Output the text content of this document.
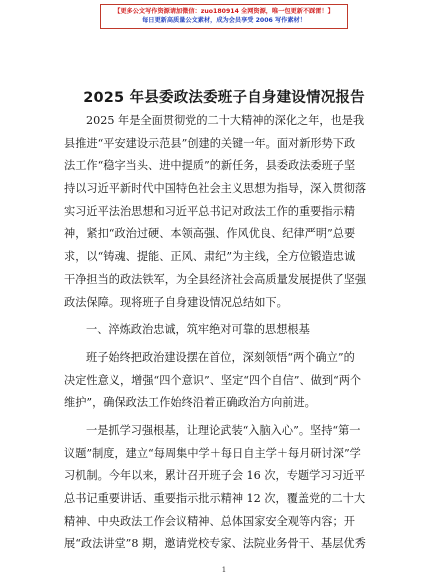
【更多公文写作资源请加微信：zuo180914 全网资源，唯一包更新不踩雷！】
每日更新高质量公文素材，成为会员享受 2006 写作素材！
2025 年县委政法委班子自身建设情况报告
2025 年是全面贯彻党的二十大精神的深化之年，也是我
县推进“平安建设示范县”创建的关键一年。面对新形势下政
法工作“稳字当头、进中提质”的新任务，县委政法委班子坚
持以习近平新时代中国特色社会主义思想为指导，深入贯彻落
实习近平法治思想和习近平总书记对政法工作的重要指示精
神，紧扣“政治过硬、本领高强、作风优良、纪律严明”总要
求，以“铸魂、提能、正风、肃纪”为主线，全方位锻造忠诚
干净担当的政法铁军，为全县经济社会高质量发展提供了坚强
政法保障。现将班子自身建设情况总结如下。
一、淬炼政治忠诚，筑牢绝对可靠的思想根基
班子始终把政治建设摆在首位，深刻领悟“两个确立”的
决定性意义，增强“四个意识”、坚定“四个自信”、做到“两个
维护”，确保政法工作始终沿着正确政治方向前进。
一是抓学习强根基，让理论武装“入脑入心”。坚持“第一
议题”制度，建立“每周集中学＋每日自主学＋每月研讨深”学
习机制。今年以来，累计召开班子会 16 次，专题学习习近平
总书记重要讲话、重要指示批示精神 12 次，覆盖党的二十大
精神、中央政法工作会议精神、总体国家安全观等内容；开
展“政法讲堂”8 期，邀请党校专家、法院业务骨干、基层优秀
1
